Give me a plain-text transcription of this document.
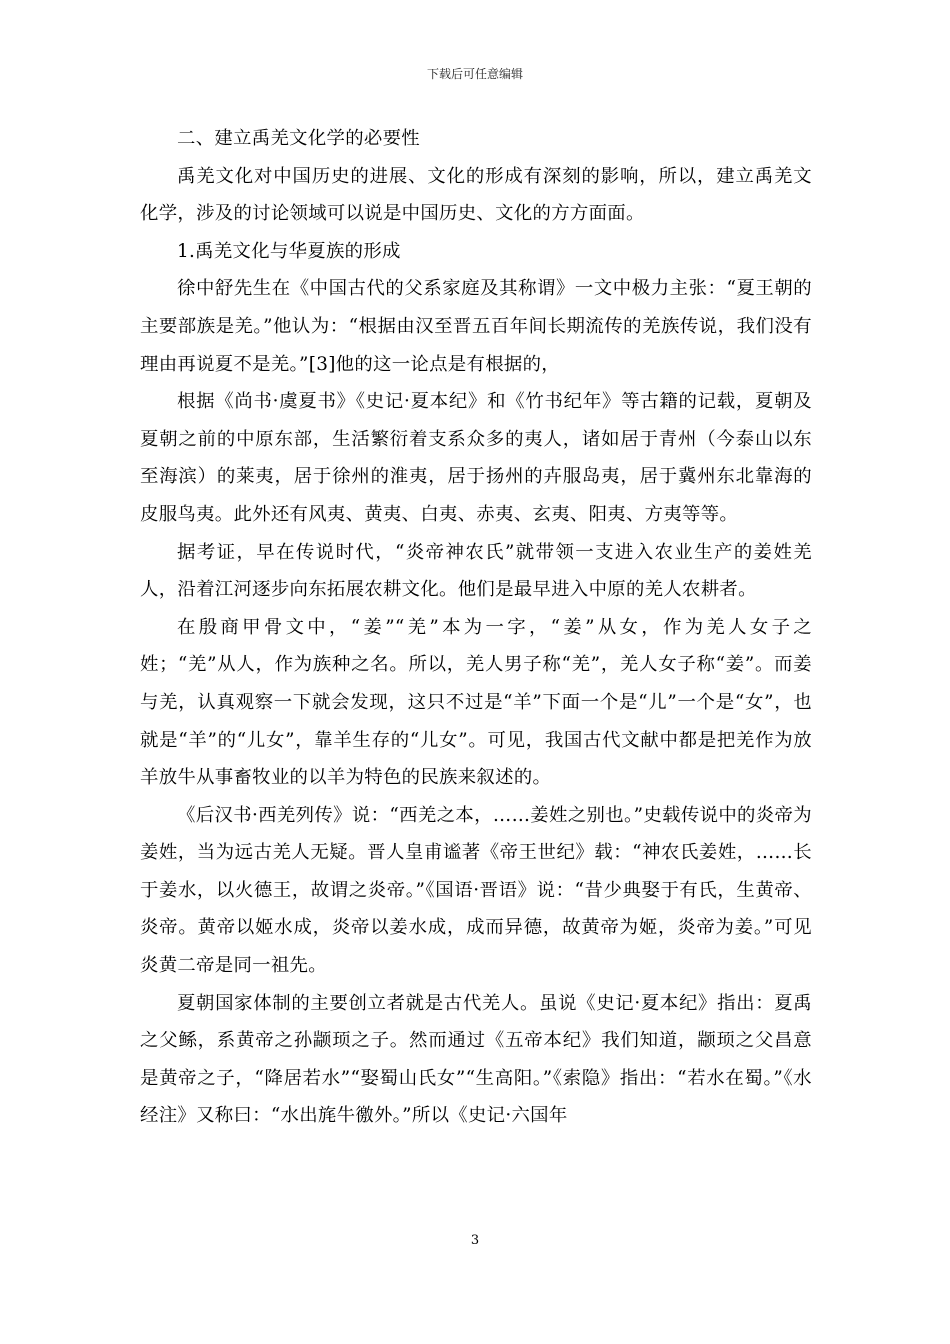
下载后可任意编辑

二、建立禹羌文化学的必要性

禹羌文化对中国历史的进展、文化的形成有深刻的影响，所以，建立禹羌文化学，涉及的讨论领域可以说是中国历史、文化的方方面面。

1.禹羌文化与华夏族的形成

徐中舒先生在《中国古代的父系家庭及其称谓》一文中极力主张：“夏王朝的主要部族是羌。”他认为：“根据由汉至晋五百年间长期流传的羌族传说，我们没有理由再说夏不是羌。”[3]他的这一论点是有根据的，

根据《尚书·虞夏书》《史记·夏本纪》和《竹书纪年》等古籍的记载，夏朝及夏朝之前的中原东部，生活繁衍着支系众多的夷人，诸如居于青州（今泰山以东至海滨）的莱夷，居于徐州的淮夷，居于扬州的卉服岛夷，居于冀州东北靠海的皮服鸟夷。此外还有风夷、黄夷、白夷、赤夷、玄夷、阳夷、方夷等等。

据考证，早在传说时代，“炎帝神农氏”就带领一支进入农业生产的姜姓羌人，沿着江河逐步向东拓展农耕文化。他们是最早进入中原的羌人农耕者。

在殷商甲骨文中，“姜”“羌”本为一字，“姜”从女，作为羌人女子之姓；“羌”从人，作为族种之名。所以，羌人男子称“羌”，羌人女子称“姜”。而姜与羌，认真观察一下就会发现，这只不过是“羊”下面一个是“儿”一个是“女”，也就是“羊”的“儿女”，靠羊生存的“儿女”。可见，我国古代文献中都是把羌作为放羊放牛从事畜牧业的以羊为特色的民族来叙述的。

《后汉书·西羌列传》说：“西羌之本，……姜姓之别也。”史载传说中的炎帝为姜姓，当为远古羌人无疑。晋人皇甫谧著《帝王世纪》载：“神农氏姜姓，……长于姜水，以火德王，故谓之炎帝。”《国语·晋语》说：“昔少典娶于有氏，生黄帝、炎帝。黄帝以姬水成，炎帝以姜水成，成而异德，故黄帝为姬，炎帝为姜。”可见炎黄二帝是同一祖先。

夏朝国家体制的主要创立者就是古代羌人。虽说《史记·夏本纪》指出：夏禹之父鲧，系黄帝之孙颛顼之子。然而通过《五帝本纪》我们知道，颛顼之父昌意是黄帝之子，“降居若水”“娶蜀山氏女”“生高阳。”《索隐》指出：“若水在蜀。”《水经注》又称曰：“水出旄牛徼外。”所以《史记·六国年

3
